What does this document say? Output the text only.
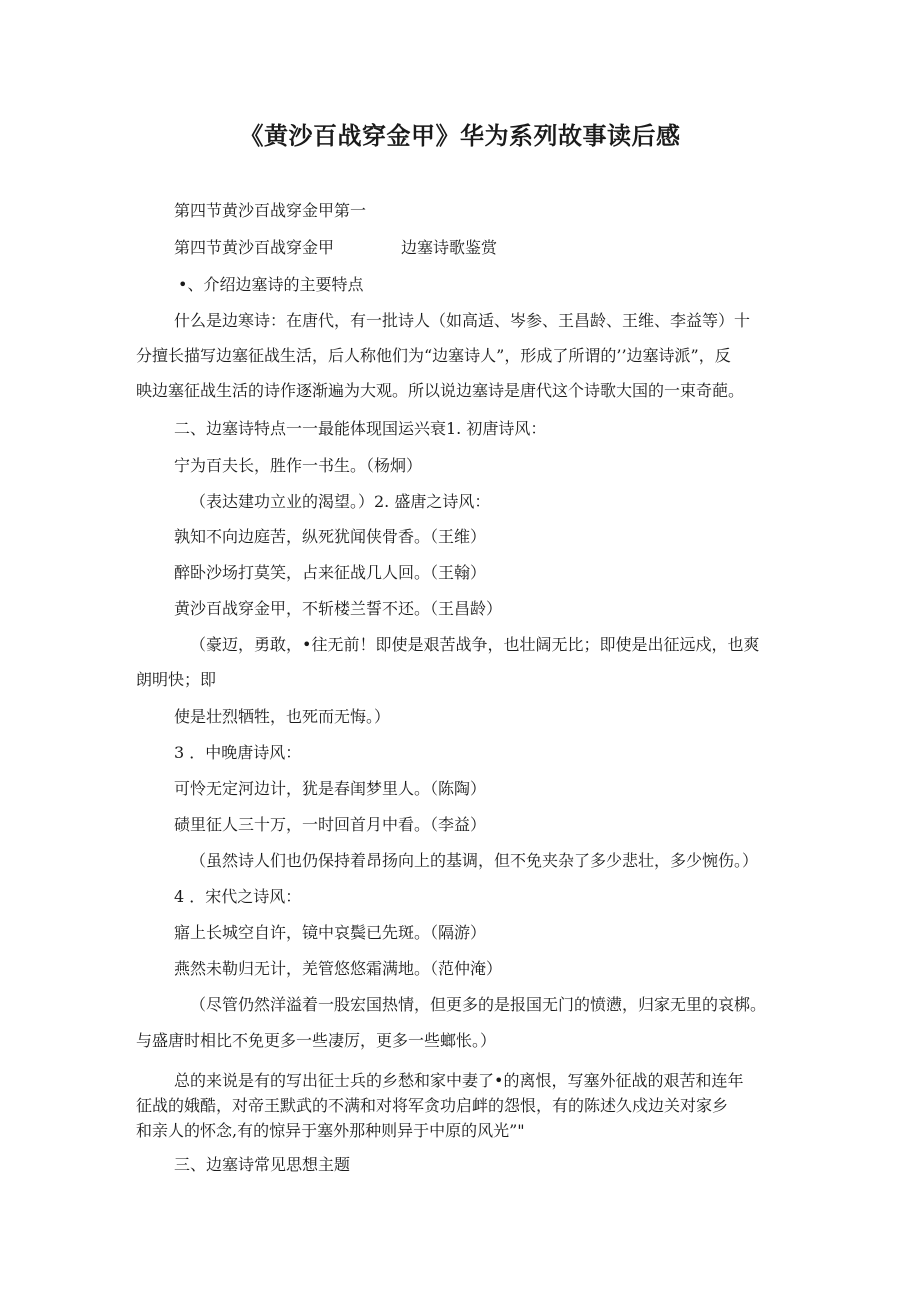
《黄沙百战穿金甲》华为系列故事读后感
第四节黄沙百战穿金甲第一
第四节黄沙百战穿金甲	边塞诗歌鉴赏
•、介绍边塞诗的主要特点
什么是边寒诗：在唐代，有一批诗人（如高适、岑参、王昌龄、王维、李益等）十
分擅长描写边塞征战生活，后人称他们为“边塞诗人”，形成了所谓的’’边塞诗派”，反
映边塞征战生活的诗作逐渐遍为大观。所以说边塞诗是唐代这个诗歌大国的一束奇葩。
二、边塞诗特点一一最能体现国运兴衰1. 初唐诗风：
宁为百夫长，胜作一书生。（杨炯）
（表达建功立业的渴望。）2. 盛唐之诗风：
孰知不向边庭苦，纵死犹闻侠骨香。（王维）
醉卧沙场打莫笑，占来征战几人回。（王翰）
黄沙百战穿金甲，不斩楼兰誓不还。（王昌龄）
（豪迈，勇敢，•往无前！即使是艰苦战争，也壮阔无比；即使是出征远戍，也爽
朗明快；即
使是壮烈牺牲，也死而无悔。）
3 ．中晚唐诗风：
可怜无定河边计，犹是春闺梦里人。（陈陶）
碛里征人三十万，一时回首月中看。（李益）
（虽然诗人们也仍保持着昂扬向上的基调，但不免夹杂了多少悲壮，多少惋伤。）
4 ．宋代之诗风：
寤上长城空自许，镜中哀鬓已先斑。（隔游）
燕然未勒归无计，羌管悠悠霜满地。（范仲淹）
（尽管仍然洋溢着一股宏国热情，但更多的是报国无门的愤懑，归家无里的哀梆。
与盛唐时相比不免更多一些凄厉，更多一些螂怅。）
总的来说是有的写出征士兵的乡愁和家中妻了•的离恨，写塞外征战的艰苦和连年
征战的娥酷，对帝王默武的不满和对将军贪功启衅的怨恨，有的陈述久戍边关对家乡
和亲人的怀念,有的惊异于塞外那种则异于中原的风光”"
三、边塞诗常见思想主题
